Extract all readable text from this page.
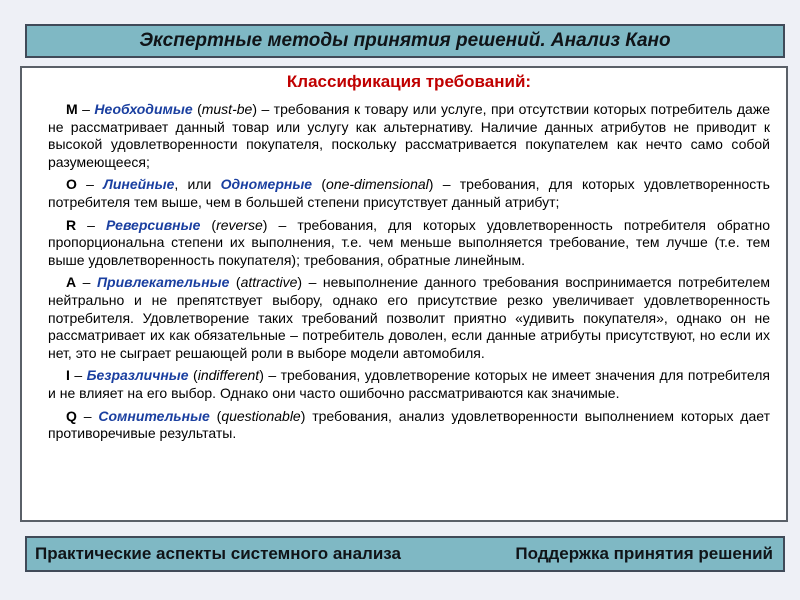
Экспертные методы принятия решений. Анализ Кано
Классификация требований:

M – Необходимые (must-be) – требования к товару или услуге, при отсутствии которых потребитель даже не рассматривает данный товар или услугу как альтернативу. Наличие данных атрибутов не приводит к высокой удовлетворенности покупателя, поскольку рассматривается покупателем как нечто само собой разумеющееся;

O – Линейные, или Одномерные (one-dimensional) – требования, для которых удовлетворенность потребителя тем выше, чем в большей степени присутствует данный атрибут;

R – Реверсивные (reverse) – требования, для которых удовлетворенность потребителя обратно пропорциональна степени их выполнения, т.е. чем меньше выполняется требование, тем лучше (т.е. тем выше удовлетворенность покупателя); требования, обратные линейным.

A – Привлекательные (attractive) – невыполнение данного требования воспринимается потребителем нейтрально и не препятствует выбору, однако его присутствие резко увеличивает удовлетворенность потребителя. Удовлетворение таких требований позволит приятно «удивить покупателя», однако он не рассматривает их как обязательные – потребитель доволен, если данные атрибуты присутствуют, но если их нет, это не сыграет решающей роли в выборе модели автомобиля.

I – Безразличные (indifferent) – требования, удовлетворение которых не имеет значения для потребителя и не влияет на его выбор. Однако они часто ошибочно рассматриваются как значимые.

Q – Сомнительные (questionable) требования, анализ удовлетворенности выполнением которых дает противоречивые результаты.

Практические аспекты системного анализа	Поддержка принятия решений
